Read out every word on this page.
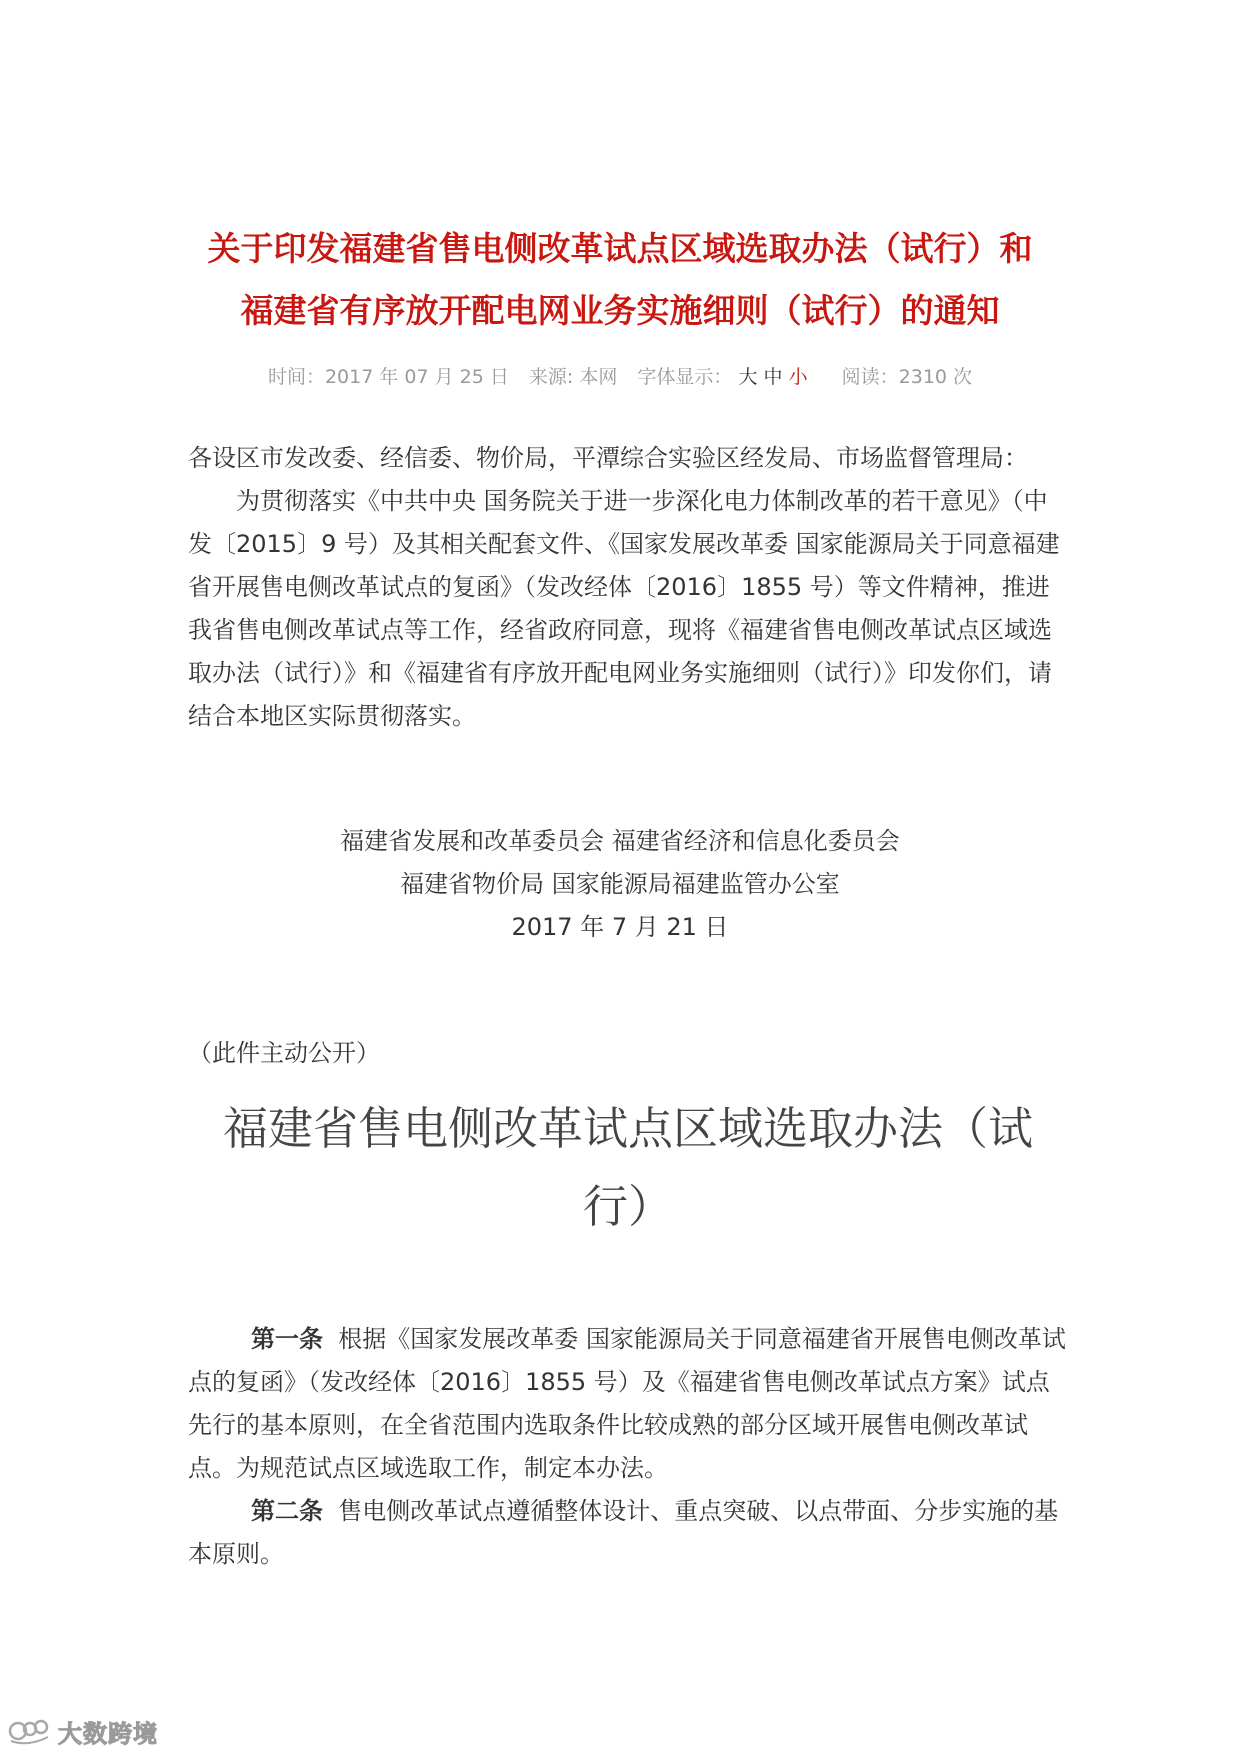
关于印发福建省售电侧改革试点区域选取办法（试行）和
福建省有序放开配电网业务实施细则（试行）的通知
时间：2017 年 07 月 25 日 来源: 本网 字体显示： 大 中 小 阅读：2310 次
各设区市发改委、经信委、物价局，平潭综合实验区经发局、市场监督管理局：
为贯彻落实《中共中央 国务院关于进一步深化电力体制改革的若干意见》（中发〔2015〕9 号）及其相关配套文件、《国家发展改革委 国家能源局关于同意福建省开展售电侧改革试点的复函》（发改经体〔2016〕1855 号）等文件精神，推进我省售电侧改革试点等工作，经省政府同意，现将《福建省售电侧改革试点区域选取办法（试行）》和《福建省有序放开配电网业务实施细则（试行）》印发你们，请结合本地区实际贯彻落实。
福建省发展和改革委员会 福建省经济和信息化委员会
福建省物价局 国家能源局福建监管办公室
2017 年 7 月 21 日
（此件主动公开）
福建省售电侧改革试点区域选取办法（试
行）
第一条 根据《国家发展改革委 国家能源局关于同意福建省开展售电侧改革试点的复函》（发改经体〔2016〕1855 号）及《福建省售电侧改革试点方案》试点先行的基本原则，在全省范围内选取条件比较成熟的部分区域开展售电侧改革试点。为规范试点区域选取工作，制定本办法。
第二条 售电侧改革试点遵循整体设计、重点突破、以点带面、分步实施的基本原则。
大数跨境
